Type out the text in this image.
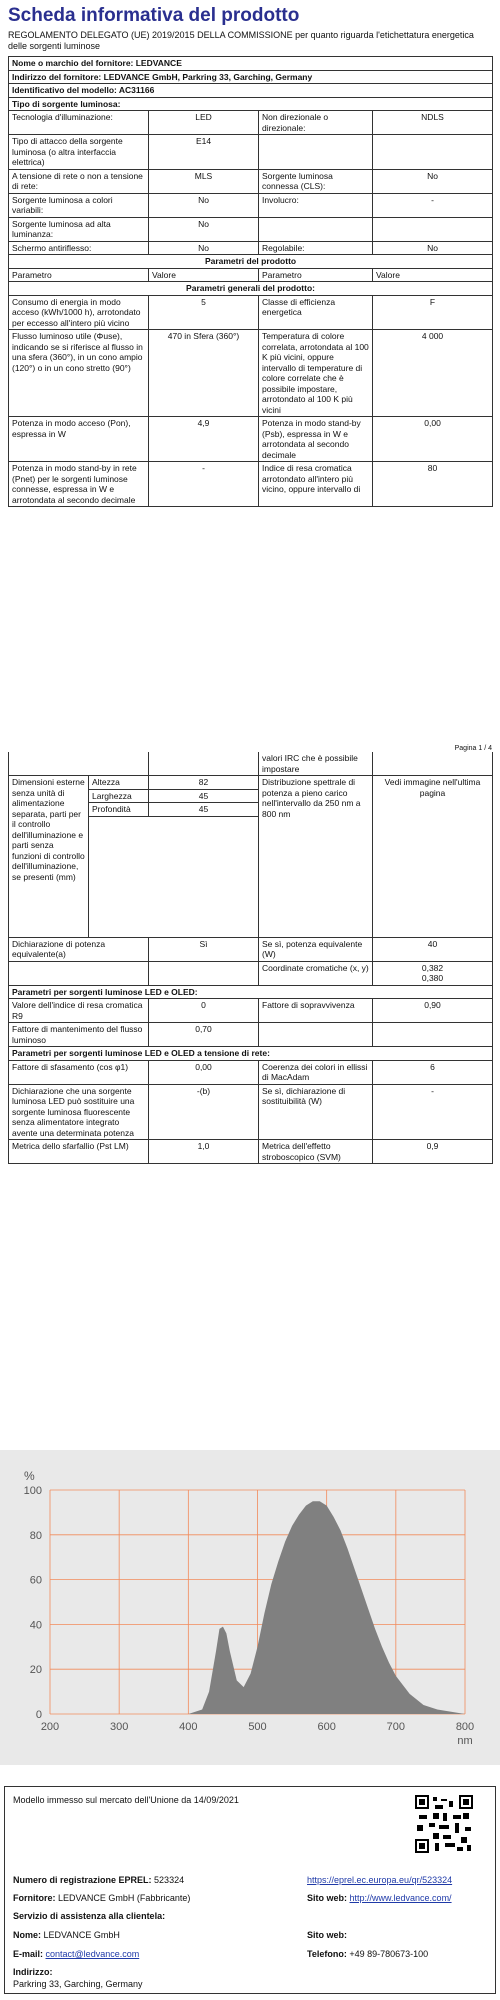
Scheda informativa del prodotto
REGOLAMENTO DELEGATO (UE) 2019/2015 DELLA COMMISSIONE per quanto riguarda l'etichettatura energetica delle sorgenti luminose
Nome o marchio del fornitore: LEDVANCE			
Indirizzo del fornitore: LEDVANCE GmbH, Parkring 33, Garching, Germany			
Identificativo del modello: AC31166			
Tipo di sorgente luminosa:			
Tecnologia d'illuminazione:	LED	Non direzionale o direzionale:	NDLS
Tipo di attacco della sorgente luminosa (o altra interfaccia elettrica)	E14		
A tensione di rete o non a tensione di rete:	MLS	Sorgente luminosa connessa (CLS):	No
Sorgente luminosa a colori variabili:	No	Involucro:	-
Sorgente luminosa ad alta luminanza:	No		
Schermo antiriflesso:	No	Regolabile:	No
Parametri del prodotto			
Parametro	Valore	Parametro	Valore
Parametri generali del prodotto:			
Consumo di energia in modo acceso (kWh/1000 h), arrotondato per eccesso all'intero più vicino	5	Classe di efficienza energetica	F
Flusso luminoso utile (Φuse), indicando se si riferisce al flusso in una sfera (360°), in un cono ampio (120°) o in un cono stretto (90°)	470 in Sfera (360°)	Temperatura di colore correlata, arrotondata al 100 K più vicini, oppure intervallo di temperature di colore correlate che è possibile impostare, arrotondato al 100 K più vicini	4 000
Potenza in modo acceso (Pon), espressa in W	4,9	Potenza in modo stand-by (Psb), espressa in W e arrotondata al secondo decimale	0,00
Potenza in modo stand-by in rete (Pnet) per le sorgenti luminose connesse, espressa in W e arrotondata al secondo decimale	-	Indice di resa cromatica arrotondato all'intero più vicino, oppure intervallo di	80
Pagina 1 / 4
			valori IRC che è possibile impostare	
Dimensioni esterne senza unità di alimentazione separata, parti per il controllo dell'illuminazione e parti senza funzioni di controllo dell'illuminazione, se presenti (mm)	Altezza	82	Distribuzione spettrale di potenza a pieno carico nell'intervallo da 250 nm a 800 nm	Vedi immagine nell'ultima pagina
	Larghezza	45		
	Profondità	45		

Dichiarazione di potenza equivalente(a)		Sì	Se sì, potenza equivalente (W)	40
			Coordinate cromatiche (x, y)	0,382
0,380

Parametri per sorgenti luminose LED e OLED:				
Valore dell'indice di resa cromatica R9		0	Fattore di sopravvivenza	0,90
Fattore di mantenimento del flusso luminoso		0,70		
Parametri per sorgenti luminose LED e OLED a tensione di rete:				
Fattore di sfasamento (cos φ1)		0,00	Coerenza dei colori in ellissi di MacAdam	6
Dichiarazione che una sorgente luminosa LED può sostituire una sorgente luminosa fluorescente senza alimentatore integrato avente una determinata potenza		-(b)	Se sì, dichiarazione di sostituibilità (W)	-
Metrica dello sfarfallio (Pst LM)		1,0	Metrica dell'effetto stroboscopico (SVM)	0,9
0
20
40
60
80
100
200	300	400	500	600	700	800
%
nm
Modello immesso sul mercato dell'Unione da 14/09/2021
Numero di registrazione EPREL: 523324	https://eprel.ec.europa.eu/qr/523324
Fornitore: LEDVANCE GmbH (Fabbricante)	Sito web: http://www.ledvance.com/
Servizio di assistenza alla clientela:
Nome: LEDVANCE GmbH	Sito web:
E-mail: contact@ledvance.com	Telefono: +49 89-780673-100
Indirizzo:
Parkring 33, Garching, Germany
